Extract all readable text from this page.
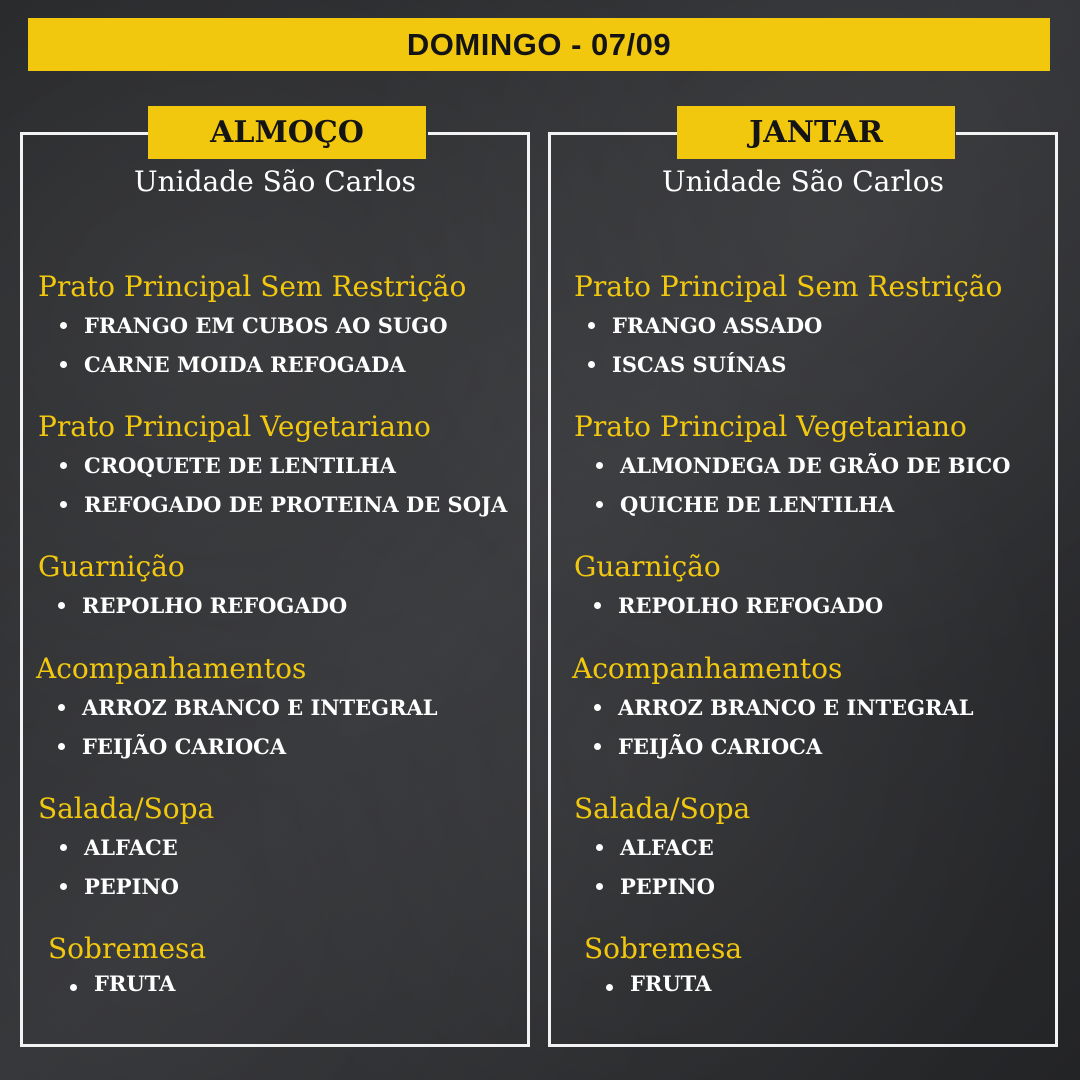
DOMINGO - 07/09
ALMOÇO
Unidade São Carlos
Prato Principal Sem Restrição
FRANGO EM CUBOS AO SUGO
CARNE MOIDA REFOGADA
Prato Principal Vegetariano
CROQUETE DE LENTILHA
REFOGADO DE PROTEINA DE SOJA
Guarnição
REPOLHO REFOGADO
Acompanhamentos
ARROZ BRANCO E INTEGRAL
FEIJÃO CARIOCA
Salada/Sopa
ALFACE
PEPINO
Sobremesa
FRUTA
JANTAR
Unidade São Carlos
Prato Principal Sem Restrição
FRANGO ASSADO
ISCAS SUÍNAS
Prato Principal Vegetariano
ALMONDEGA DE GRÃO DE BICO
QUICHE DE LENTILHA
Guarnição
REPOLHO REFOGADO
Acompanhamentos
ARROZ BRANCO E INTEGRAL
FEIJÃO CARIOCA
Salada/Sopa
ALFACE
PEPINO
Sobremesa
FRUTA
